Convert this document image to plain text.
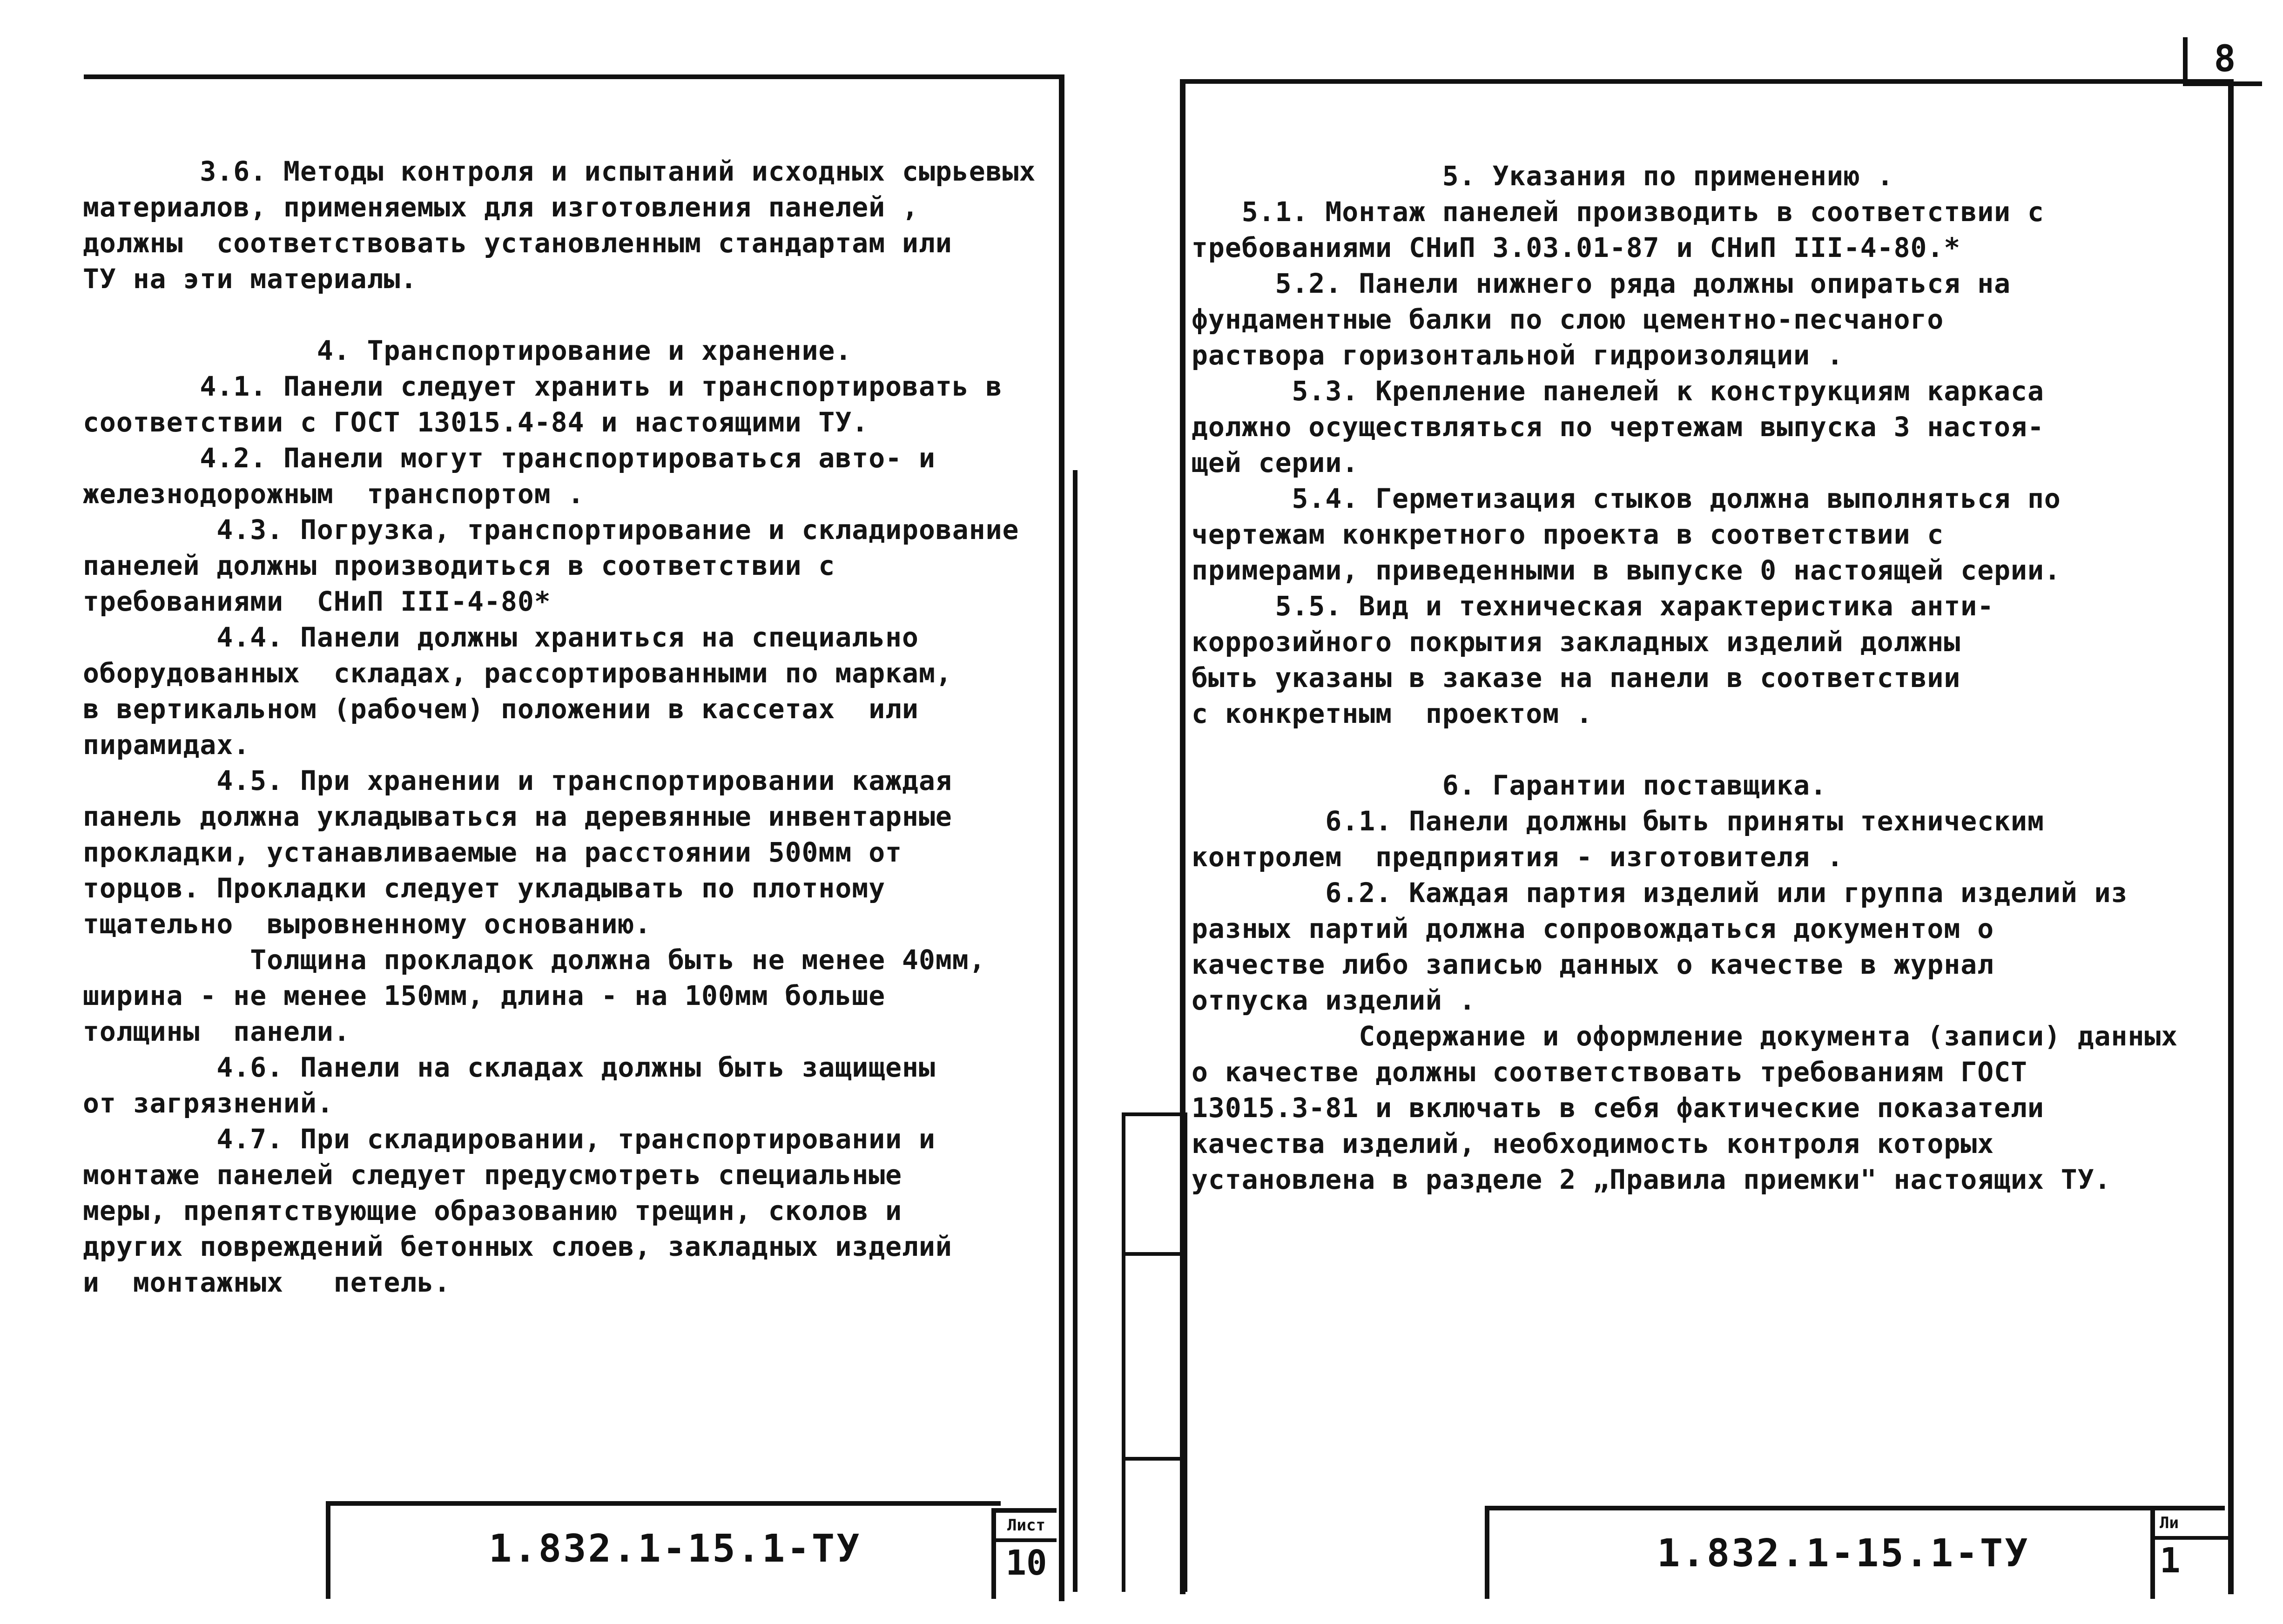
8
3.6. Методы контроля и испытаний исходных сырьевых
материалов, применяемых для изготовления панелей ,
должны  соответствовать установленным стандартам или
ТУ на эти материалы.

4. Транспортирование и хранение.
4.1. Панели следует хранить и транспортировать в
соответствии с ГОСТ 13015.4-84 и настоящими ТУ.
4.2. Панели могут транспортироваться авто- и
железнодорожным  транспортом .
4.3. Погрузка, транспортирование и складирование
панелей должны производиться в соответствии с
требованиями  СНиП III-4-80*
4.4. Панели должны храниться на специально
оборудованных  складах, рассортированными по маркам,
в вертикальном (рабочем) положении в кассетах  или
пирамидах.
4.5. При хранении и транспортировании каждая
панель должна укладываться на деревянные инвентарные
прокладки, устанавливаемые на расстоянии 500мм от
торцов. Прокладки следует укладывать по плотному
тщательно  выровненному основанию.
Толщина прокладок должна быть не менее 40мм,
ширина - не менее 150мм, длина - на 100мм больше
толщины  панели.
4.6. Панели на складах должны быть защищены
от загрязнений.
4.7. При складировании, транспортировании и
монтаже панелей следует предусмотреть специальные
меры, препятствующие образованию трещин, сколов и
других повреждений бетонных слоев, закладных изделий
и  монтажных   петель.
5. Указания по применению .
5.1. Монтаж панелей производить в соответствии с
требованиями СНиП 3.03.01-87 и СНиП III-4-80.*
5.2. Панели нижнего ряда должны опираться на
фундаментные балки по слою цементно-песчаного
раствора горизонтальной гидроизоляции .
5.3. Крепление панелей к конструкциям каркаса
должно осуществляться по чертежам выпуска 3 настоя-
щей серии.
5.4. Герметизация стыков должна выполняться по
чертежам конкретного проекта в соответствии с
примерами, приведенными в выпуске 0 настоящей серии.
5.5. Вид и техническая характеристика анти-
коррозийного покрытия закладных изделий должны
быть указаны в заказе на панели в соответствии
с конкретным  проектом .

6. Гарантии поставщика.
6.1. Панели должны быть приняты техническим
контролем  предприятия - изготовителя .
6.2. Каждая партия изделий или группа изделий из
разных партий должна сопровождаться документом о
качестве либо записью данных о качестве в журнал
отпуска изделий .
Содержание и оформление документа (записи) данных
о качестве должны соответствовать требованиям ГОСТ
13015.3-81 и включать в себя фактические показатели
качества изделий, необходимость контроля которых
установлена в разделе 2 „Правила приемки" настоящих ТУ.
1.832.1-15.1-ТУ
Лист
10	1.832.1-15.1-ТУ
Ли
1
